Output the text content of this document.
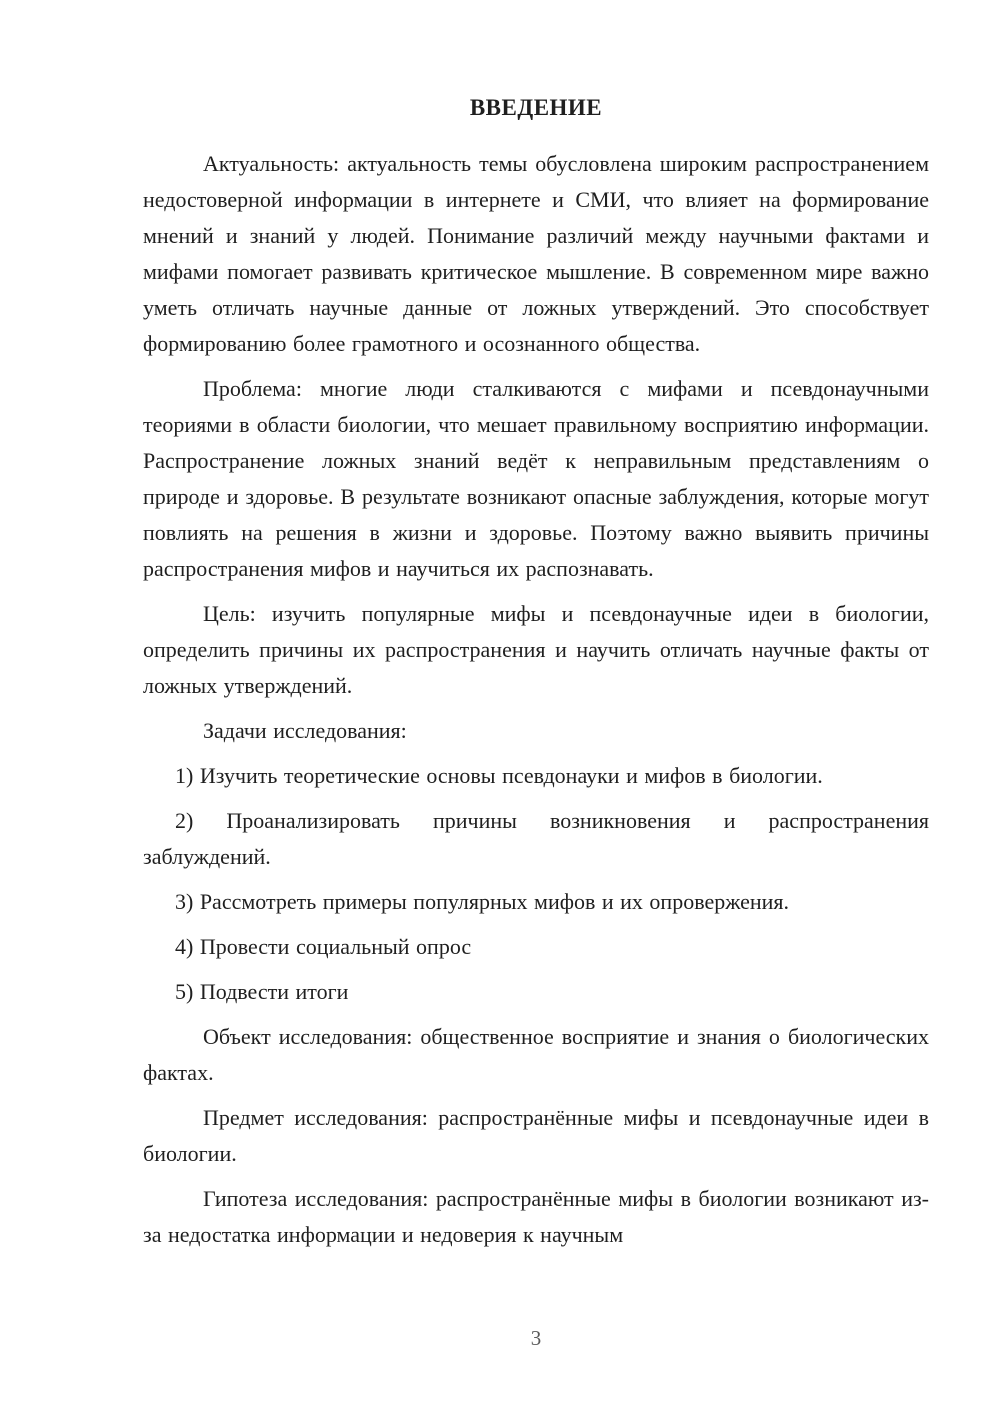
ВВЕДЕНИЕ

Актуальность: актуальность темы обусловлена широким распространением недостоверной информации в интернете и СМИ, что влияет на формирование мнений и знаний у людей. Понимание различий между научными фактами и мифами помогает развивать критическое мышление. В современном мире важно уметь отличать научные данные от ложных утверждений. Это способствует формированию более грамотного и осознанного общества.

Проблема: многие люди сталкиваются с мифами и псевдонаучными теориями в области биологии, что мешает правильному восприятию информации. Распространение ложных знаний ведёт к неправильным представлениям о природе и здоровье. В результате возникают опасные заблуждения, которые могут повлиять на решения в жизни и здоровье. Поэтому важно выявить причины распространения мифов и научиться их распознавать.

Цель: изучить популярные мифы и псевдонаучные идеи в биологии, определить причины их распространения и научить отличать научные факты от ложных утверждений.

Задачи исследования:

1) Изучить теоретические основы псевдонауки и мифов в биологии.

2) Проанализировать причины возникновения и распространения заблуждений.

3) Рассмотреть примеры популярных мифов и их опровержения.

4) Провести социальный опрос

5) Подвести итоги

Объект исследования: общественное восприятие и знания о биологических фактах.

Предмет исследования: распространённые мифы и псевдонаучные идеи в биологии.

Гипотеза исследования: распространённые мифы в биологии возникают из-за недостатка информации и недоверия к научным

3
